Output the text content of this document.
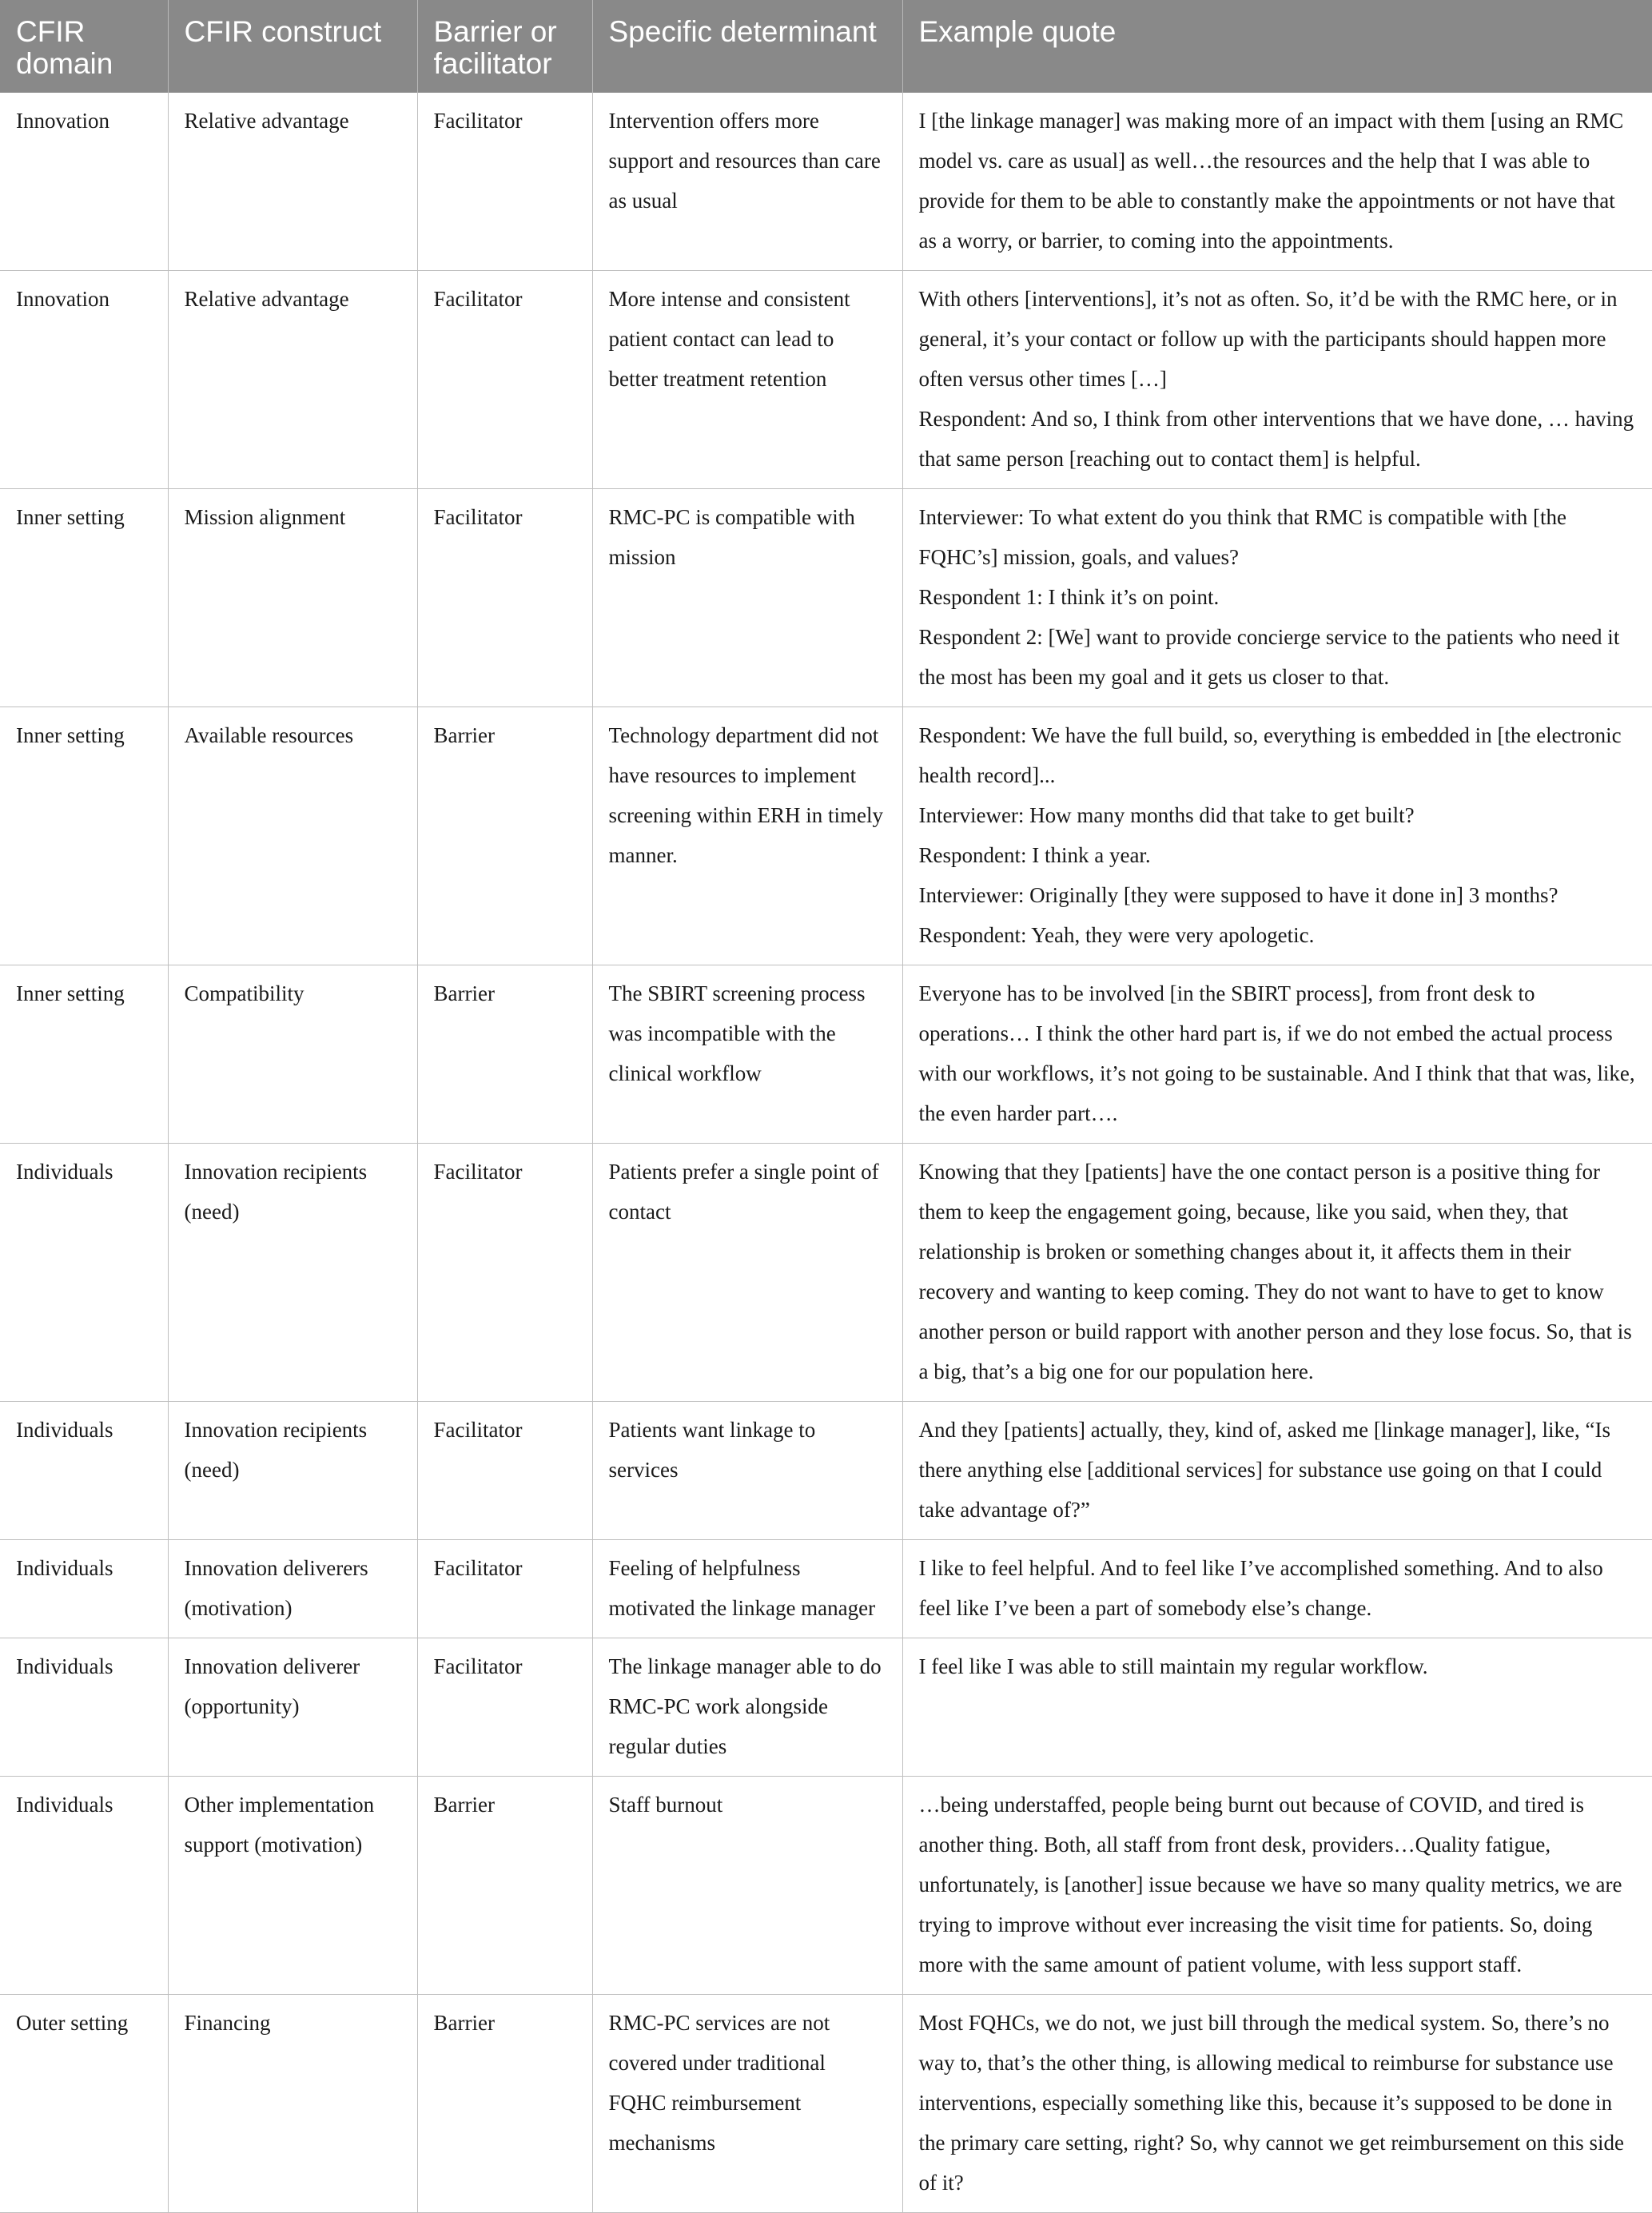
CFIR domain	CFIR construct	Barrier or facilitator	Specific determinant	Example quote
Innovation	Relative advantage	Facilitator	Intervention offers more support and resources than care as usual	I [the linkage manager] was making more of an impact with them [using an RMC model vs. care as usual] as well…the resources and the help that I was able to provide for them to be able to constantly make the appointments or not have that as a worry, or barrier, to coming into the appointments.

Innovation	Relative advantage	Facilitator	More intense and consistent patient contact can lead to better treatment retention	With others [interventions], it’s not as often. So, it’d be with the RMC here, or in general, it’s your contact or follow up with the participants should happen more often versus other times […]
Respondent: And so, I think from other interventions that we have done, … having that same person [reaching out to contact them] is helpful.

Inner setting	Mission alignment	Facilitator	RMC-PC is compatible with mission	Interviewer: To what extent do you think that RMC is compatible with [the FQHC’s] mission, goals, and values?
Respondent 1: I think it’s on point.
Respondent 2: [We] want to provide concierge service to the patients who need it the most has been my goal and it gets us closer to that.

Inner setting	Available resources	Barrier	Technology department did not have resources to implement screening within ERH in timely manner.	Respondent: We have the full build, so, everything is embedded in [the electronic health record]...
Interviewer: How many months did that take to get built?
Respondent: I think a year.
Interviewer: Originally [they were supposed to have it done in] 3 months?
Respondent: Yeah, they were very apologetic.

Inner setting	Compatibility	Barrier	The SBIRT screening process was incompatible with the clinical workflow	Everyone has to be involved [in the SBIRT process], from front desk to operations… I think the other hard part is, if we do not embed the actual process with our workflows, it’s not going to be sustainable. And I think that that was, like, the even harder part….

Individuals	Innovation recipients (need)	Facilitator	Patients prefer a single point of contact	Knowing that they [patients] have the one contact person is a positive thing for them to keep the engagement going, because, like you said, when they, that relationship is broken or something changes about it, it affects them in their recovery and wanting to keep coming. They do not want to have to get to know another person or build rapport with another person and they lose focus. So, that is a big, that’s a big one for our population here.

Individuals	Innovation recipients (need)	Facilitator	Patients want linkage to services	And they [patients] actually, they, kind of, asked me [linkage manager], like, “Is there anything else [additional services] for substance use going on that I could take advantage of?”

Individuals	Innovation deliverers (motivation)	Facilitator	Feeling of helpfulness motivated the linkage manager	I like to feel helpful. And to feel like I’ve accomplished something. And to also feel like I’ve been a part of somebody else’s change.

Individuals	Innovation deliverer (opportunity)	Facilitator	The linkage manager able to do RMC-PC work alongside regular duties	I feel like I was able to still maintain my regular workflow.

Individuals	Other implementation support (motivation)	Barrier	Staff burnout	…being understaffed, people being burnt out because of COVID, and tired is another thing. Both, all staff from front desk, providers…Quality fatigue, unfortunately, is [another] issue because we have so many quality metrics, we are trying to improve without ever increasing the visit time for patients. So, doing more with the same amount of patient volume, with less support staff.

Outer setting	Financing	Barrier	RMC-PC services are not covered under traditional FQHC reimbursement mechanisms	Most FQHCs, we do not, we just bill through the medical system. So, there’s no way to, that’s the other thing, is allowing medical to reimburse for substance use interventions, especially something like this, because it’s supposed to be done in the primary care setting, right? So, why cannot we get reimbursement on this side of it?
